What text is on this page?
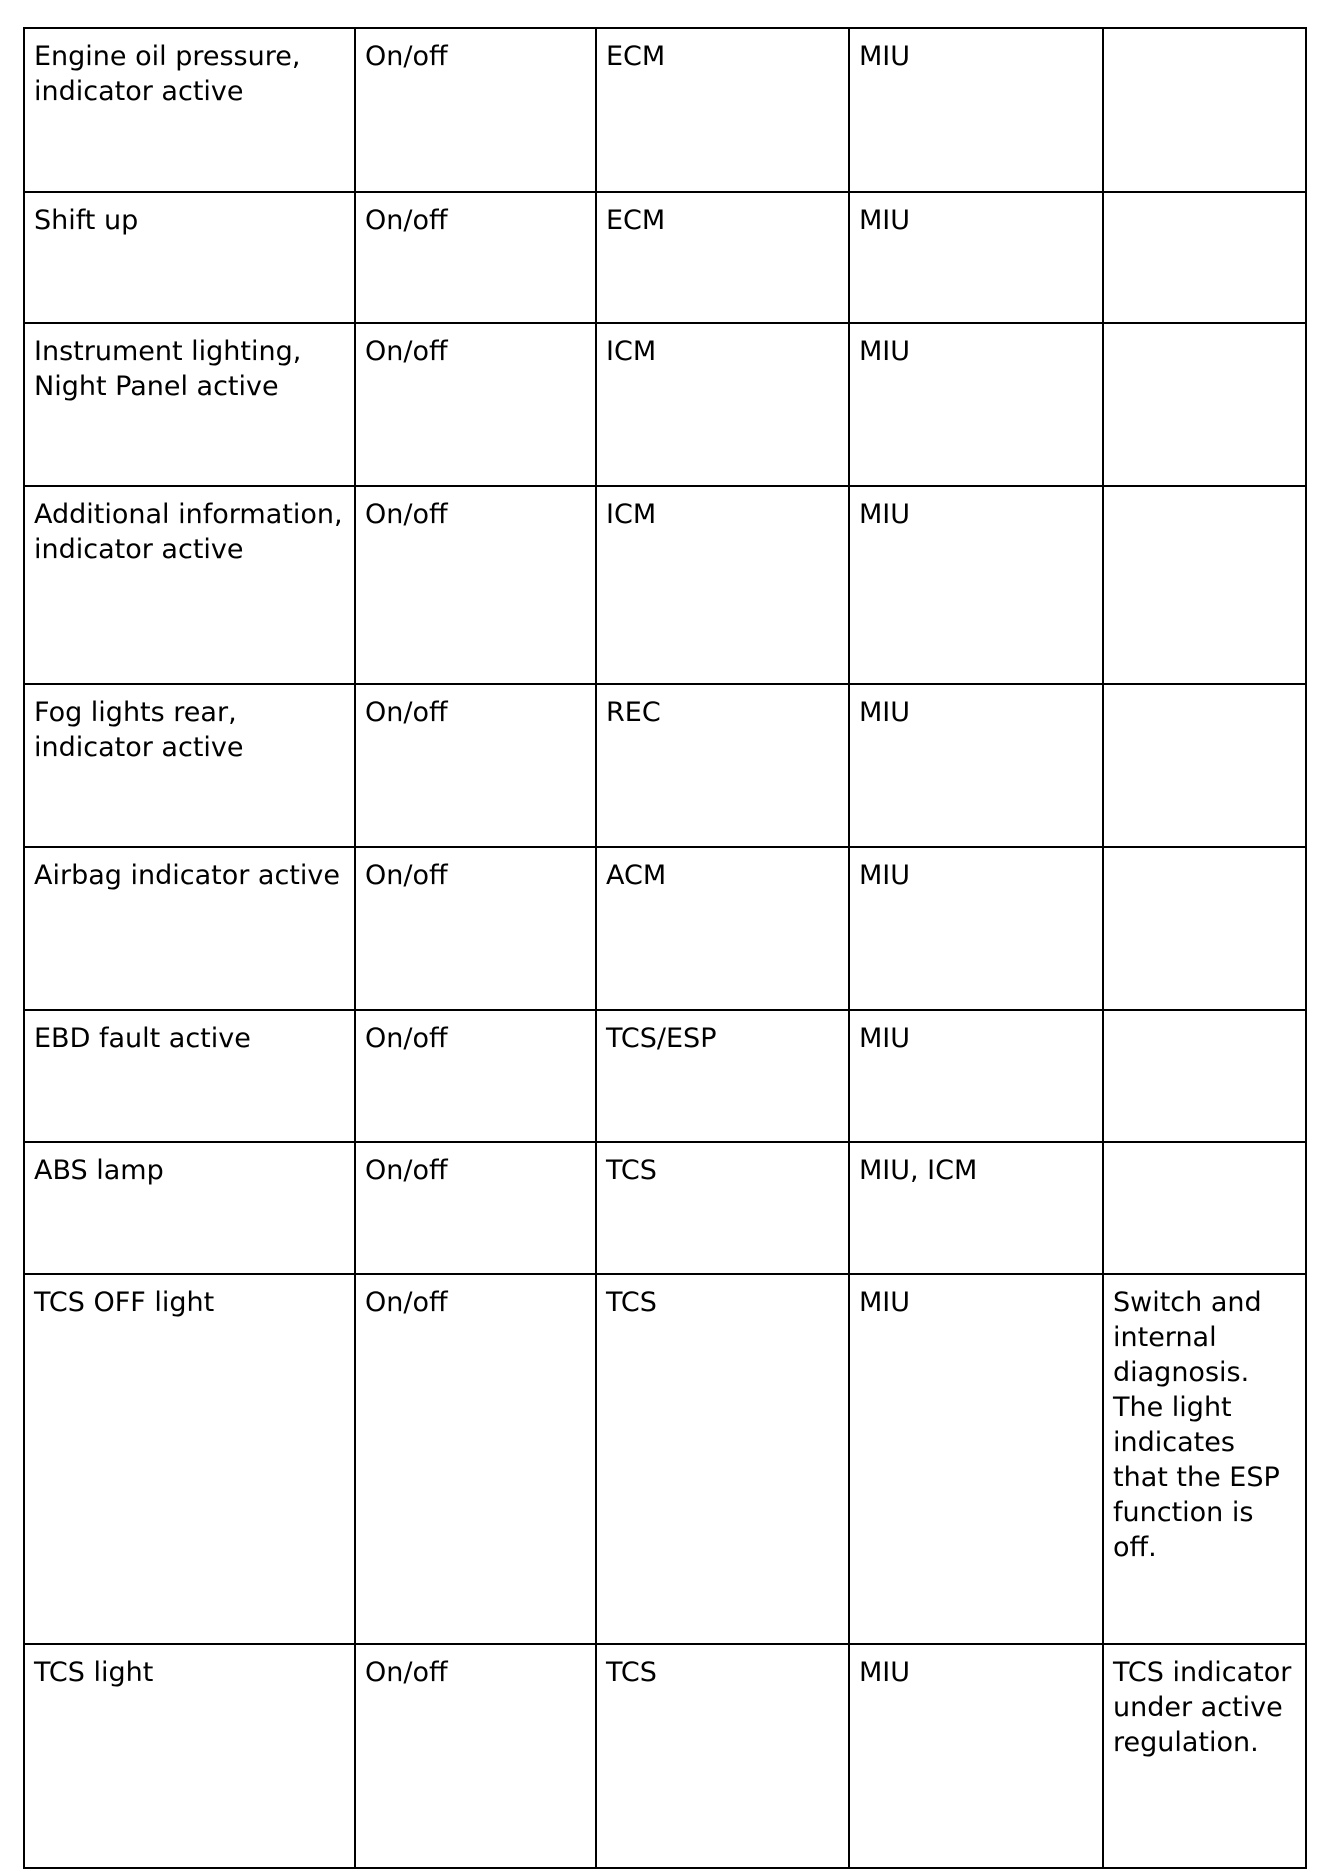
Engine oil pressure, indicator active	On/off	ECM	MIU	
Shift up	On/off	ECM	MIU	
Instrument lighting, Night Panel active	On/off	ICM	MIU	
Additional information, indicator active	On/off	ICM	MIU	
Fog lights rear, indicator active	On/off	REC	MIU	
Airbag indicator active	On/off	ACM	MIU	
EBD fault active	On/off	TCS/ESP	MIU	
ABS lamp	On/off	TCS	MIU, ICM	
TCS OFF light	On/off	TCS	MIU	Switch and internal diagnosis. The light indicates that the ESP function is off.
TCS light	On/off	TCS	MIU	TCS indicator under active regulation.
